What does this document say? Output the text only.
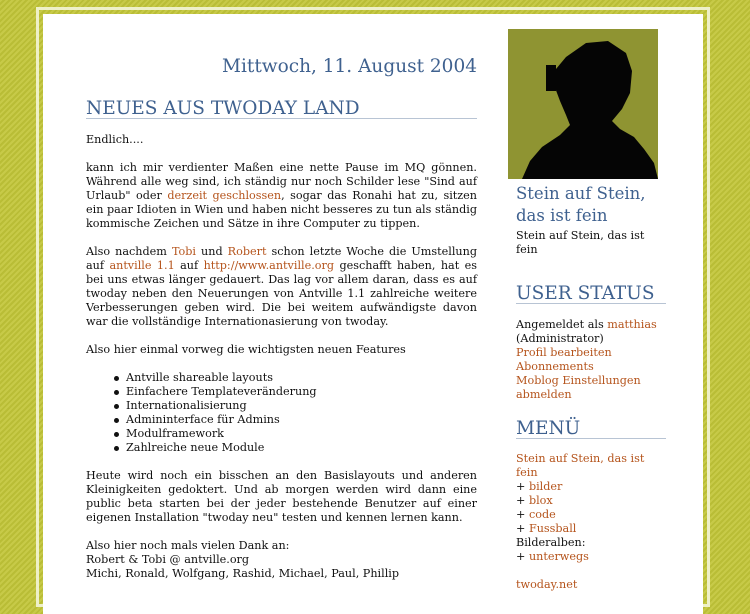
Mittwoch, 11. August 2004
NEUES AUS TWODAY LAND

Endlich....

kann ich mir verdienter Maßen eine nette Pause im MQ gönnen. Während alle weg sind, ich ständig nur noch Schilder lese "Sind auf Urlaub" oder derzeit geschlossen, sogar das Ronahi hat zu, sitzen ein paar Idioten in Wien und haben nicht besseres zu tun als ständig kommische Zeichen und Sätze in ihre Computer zu tippen.

Also nachdem Tobi und Robert schon letzte Woche die Umstellung auf antville 1.1 auf http://www.antville.org geschafft haben, hat es bei uns etwas länger gedauert. Das lag vor allem daran, dass es auf twoday neben den Neuerungen von Antville 1.1 zahlreiche weitere Verbesserungen geben wird. Die bei weitem aufwändigste davon war die vollständige Internationasierung von twoday.

Also hier einmal vorweg die wichtigsten neuen Features

Antville shareable layouts
Einfachere Templateveränderung
Internationalisierung
Admininterface für Admins
Modulframework
Zahlreiche neue Module

Heute wird noch ein bisschen an den Basislayouts und anderen Kleinigkeiten gedoktert. Und ab morgen werden wird dann eine public beta starten bei der jeder bestehende Benutzer auf einer eigenen Installation "twoday neu" testen und kennen lernen kann.

Also hier noch mals vielen Dank an:
Robert & Tobi @ antville.org
Michi, Ronald, Wolfgang, Rashid, Michael, Paul, Phillip

Stein auf Stein, das ist fein
Stein auf Stein, das ist fein
USER STATUS
Angemeldet als matthias
(Administrator)
Profil bearbeiten
Abonnements
Moblog Einstellungen
abmelden
MENÜ
Stein auf Stein, das ist fein
+ bilder
+ blox
+ code
+ Fussball
Bilderalben:
+ unterwegs
twoday.net
